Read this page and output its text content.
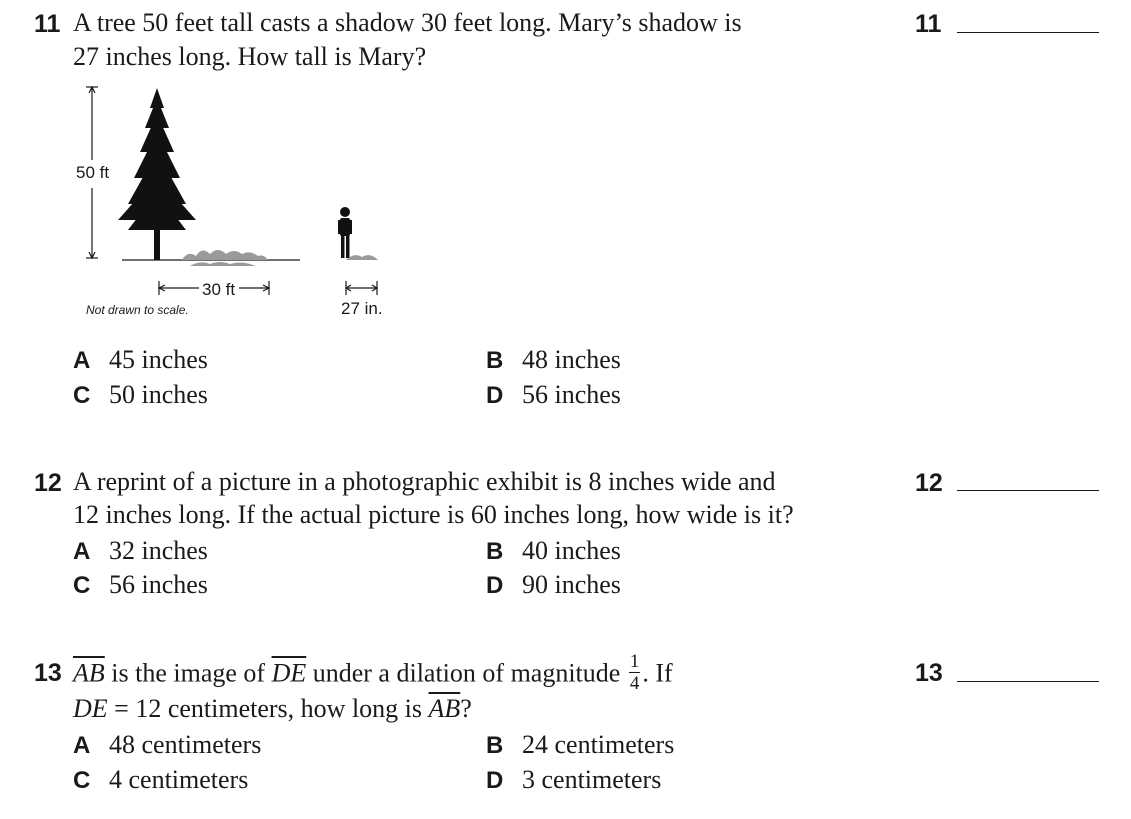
11 A tree 50 feet tall casts a shadow 30 feet long. Mary’s shadow is
27 inches long. How tall is Mary?
11
50 ft
30 ft
27 in.
Not drawn to scale.
A 45 inches	B 48 inches
C 50 inches	D 56 inches
12 A reprint of a picture in a photographic exhibit is 8 inches wide and
12 inches long. If the actual picture is 60 inches long, how wide is it?
12
A 32 inches	B 40 inches
C 56 inches	D 90 inches
13 $\overline{AB}$ is the image of $\overline{DE}$ under a dilation of magnitude $\frac{1}{4}$ . If
DE = 12 centimeters, how long is $\overline{AB}$?
13
A 48 centimeters	B 24 centimeters
C 4 centimeters	D 3 centimeters
